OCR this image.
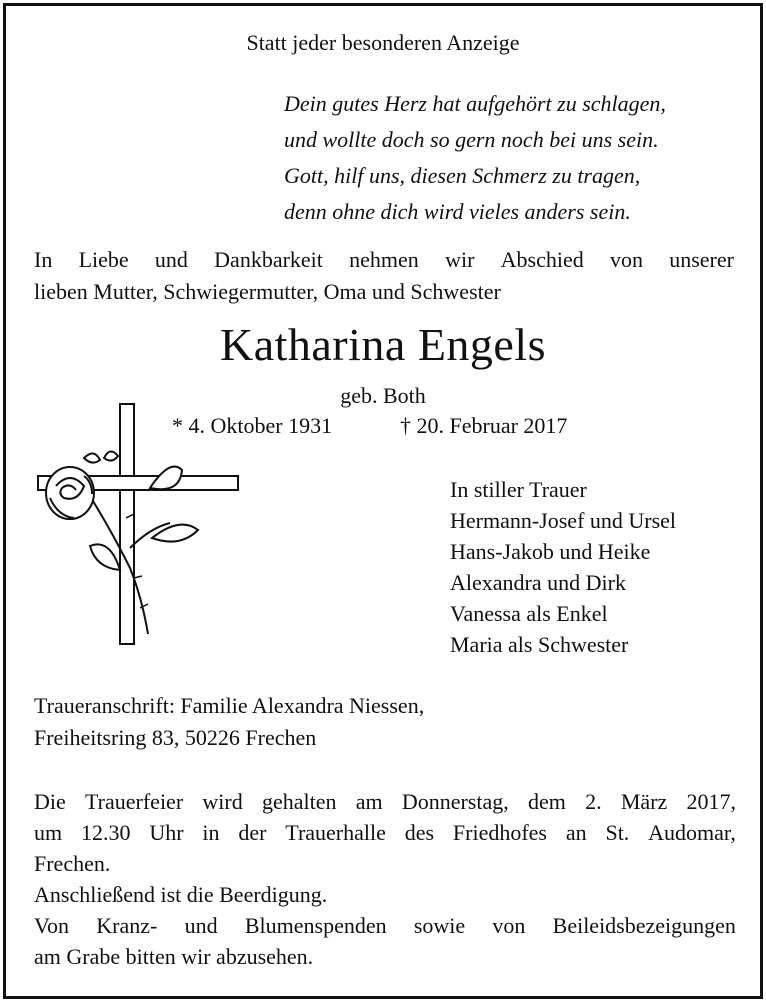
Statt jeder besonderen Anzeige
Dein gutes Herz hat aufgehört zu schlagen,
und wollte doch so gern noch bei uns sein.
Gott, hilf uns, diesen Schmerz zu tragen,
denn ohne dich wird vieles anders sein.
In Liebe und Dankbarkeit nehmen wir Abschied von unserer
lieben Mutter, Schwiegermutter, Oma und Schwester
Katharina Engels
geb. Both
* 4. Oktober 1931	† 20. Februar 2017
In stiller Trauer
Hermann-Josef und Ursel
Hans-Jakob und Heike
Alexandra und Dirk
Vanessa als Enkel
Maria als Schwester
Traueranschrift: Familie Alexandra Niessen,
Freiheitsring 83, 50226 Frechen
Die Trauerfeier wird gehalten am Donnerstag, dem 2. März 2017,
um 12.30 Uhr in der Trauerhalle des Friedhofes an St. Audomar,
Frechen.
Anschließend ist die Beerdigung.
Von Kranz- und Blumenspenden sowie von Beileidsbezeigungen
am Grabe bitten wir abzusehen.
